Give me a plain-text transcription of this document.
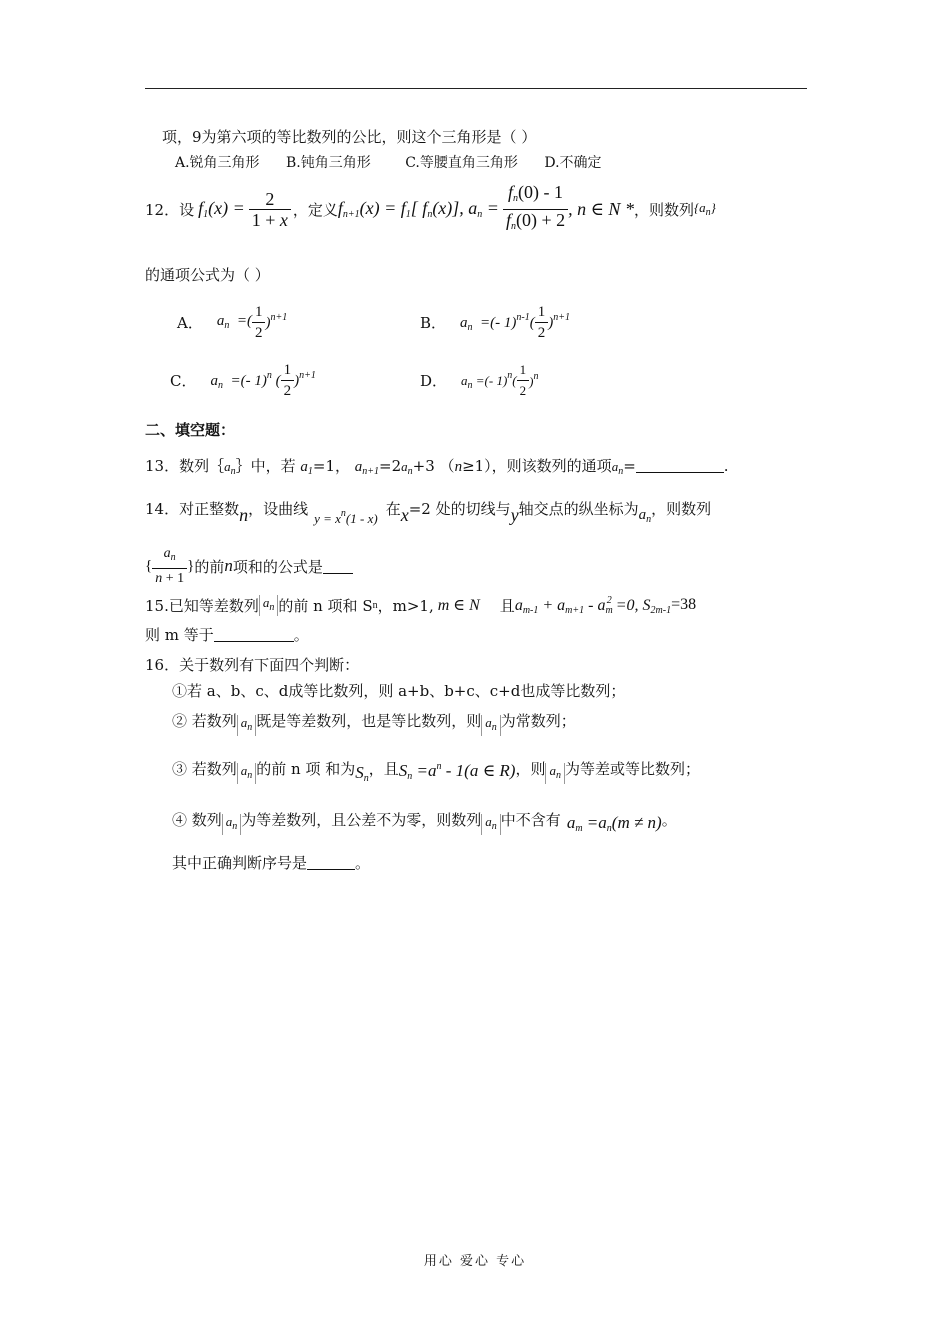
项，9为第六项的等比数列的公比，则这个三角形是（ ）
A.锐角三角形 B.钝角三角形 C.等腰直角三角形 D.不确定
12．设 $f_1(x) = \frac{2}{1 + x}$ ，定义 $f_{n+1}(x) = f_1$[ $f_n(x)$], $a_n = \frac{f_n(0) - 1}{f_n(0) + 2}$ , n ∈ N * ，则数列 $\{a_n\}$
的通项公式为（ ）
A． $a_n$  =( $\frac{1}{2} )^{n+1}$	B． $a_n$  =(- $1)^{n-1}( \frac{1}{2} )^{n+1}$
C． $a_n$  =(- 1)$^n$ ( $\frac{1}{2} )^{n+1}$	D． $a_n$ =(- $1)^n( \frac{1}{2} )^n$
二、填空题：
13．数列$\{a_n\}$中，若 $a_1=1$， $a_{n+1}=2a_n+3$ （n≥1），则该数列的通项$a_n=$	.
14．对正整数 n ，设曲线
$y = x^n(1 - x)$
在 x =2 处的切线与 y 轴交点的纵坐标为 $a_n$
，则数列
{ $\frac{a_n}{n + 1}$ } 的前 n 项和的公式是
15.已知等差数列 $a_n$ 的前 n 项和 S n ，m>1, m ∈ N 且 $a_{m-1} + a_{m+1} - a_m^2 =0$, $S_{2m-1} =38$
则 m 等于	。
16．关于数列有下面四个判断：
①若 a、b、c、d成等比数列，则 a+b、b+c、c+d也成等比数列；
② 若数列 $a_n$ 既是等差数列，也是等比数列，则 $a_n$ 为常数列；
③ 若数列 $a_n$ 的前 n 项 和为 $S_n$
，且 $S_n =a^n - 1(a$ ∈ R) ，则 $a_n$ 为等差或等比数列；
④ 数列 $a_n$ 为等差数列，且公差不为零，则数列 $a_n$ 中不含有 $a_m =a_n(m \ne n)$ 。
其中正确判断序号是	。
用心 爱心 专心
